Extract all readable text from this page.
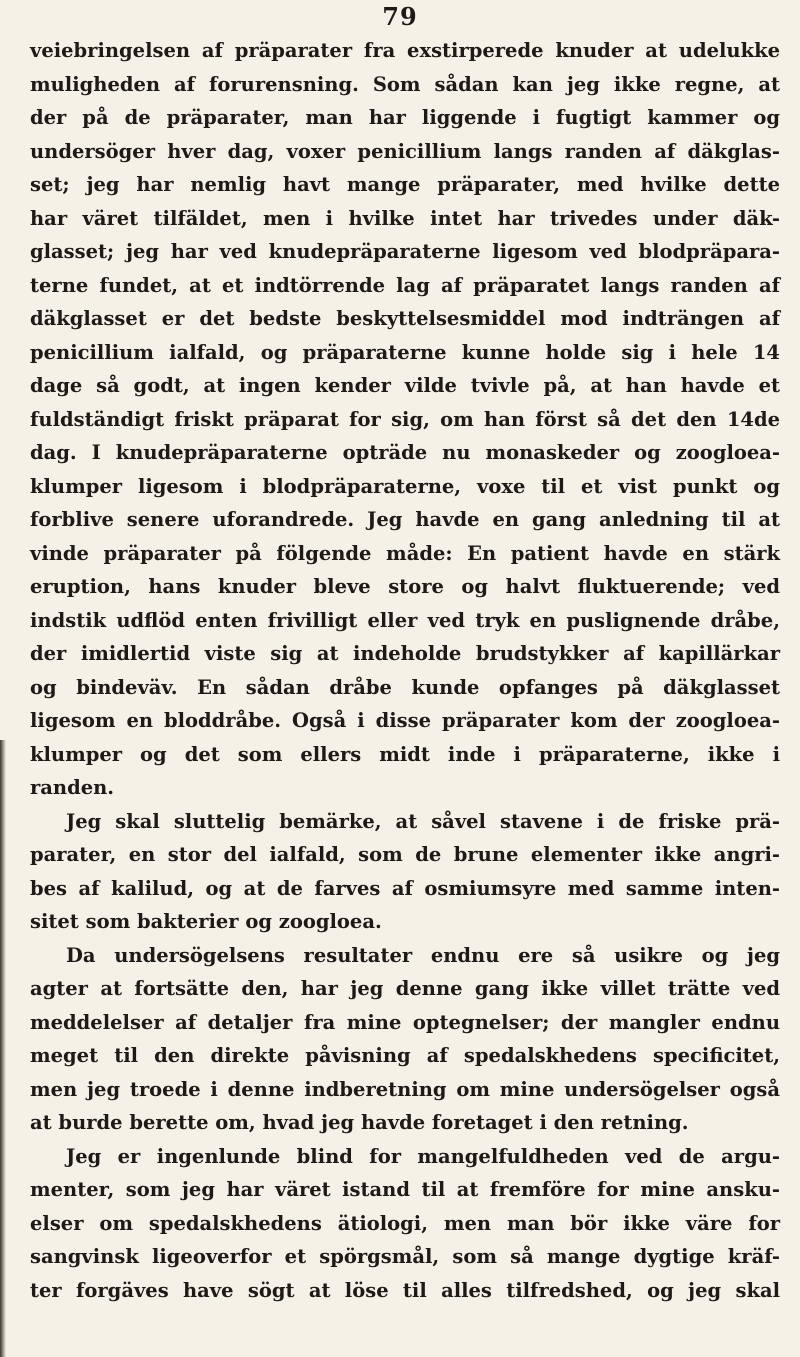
79
veiebringelsen af präparater fra exstirperede knuder at udelukke
muligheden af forurensning. Som sådan kan jeg ikke regne, at
der på de präparater, man har liggende i fugtigt kammer og
undersöger hver dag, voxer penicillium langs randen af däkglas-
set; jeg har nemlig havt mange präparater, med hvilke dette
har väret tilfäldet, men i hvilke intet har trivedes under däk-
glasset; jeg har ved knudepräparaterne ligesom ved blodpräpara-
terne fundet, at et indtörrende lag af präparatet langs randen af
däkglasset er det bedste beskyttelsesmiddel mod indträngen af
penicillium ialfald, og präparaterne kunne holde sig i hele 14
dage så godt, at ingen kender vilde tvivle på, at han havde et
fuldständigt friskt präparat for sig, om han först så det den 14de
dag. I knudepräparaterne opträde nu monaskeder og zoogloea-
klumper ligesom i blodpräparaterne, voxe til et vist punkt og
forblive senere uforandrede. Jeg havde en gang anledning til at
vinde präparater på fölgende måde: En patient havde en stärk
eruption, hans knuder bleve store og halvt fluktuerende; ved
indstik udflöd enten frivilligt eller ved tryk en puslignende dråbe,
der imidlertid viste sig at indeholde brudstykker af kapillärkar
og bindeväv. En sådan dråbe kunde opfanges på däkglasset
ligesom en bloddråbe. Også i disse präparater kom der zoogloea-
klumper og det som ellers midt inde i präparaterne, ikke i
randen.
Jeg skal sluttelig bemärke, at såvel stavene i de friske prä-
parater, en stor del ialfald, som de brune elementer ikke angri-
bes af kalilud, og at de farves af osmiumsyre med samme inten-
sitet som bakterier og zoogloea.
Da undersögelsens resultater endnu ere så usikre og jeg
agter at fortsätte den, har jeg denne gang ikke villet trätte ved
meddelelser af detaljer fra mine optegnelser; der mangler endnu
meget til den direkte påvisning af spedalskhedens specificitet,
men jeg troede i denne indberetning om mine undersögelser også
at burde berette om, hvad jeg havde foretaget i den retning.
Jeg er ingenlunde blind for mangelfuldheden ved de argu-
menter, som jeg har väret istand til at fremföre for mine ansku-
elser om spedalskhedens ätiologi, men man bör ikke väre for
sangvinsk ligeoverfor et spörgsmål, som så mange dygtige kräf-
ter forgäves have sögt at löse til alles tilfredshed, og jeg skal
